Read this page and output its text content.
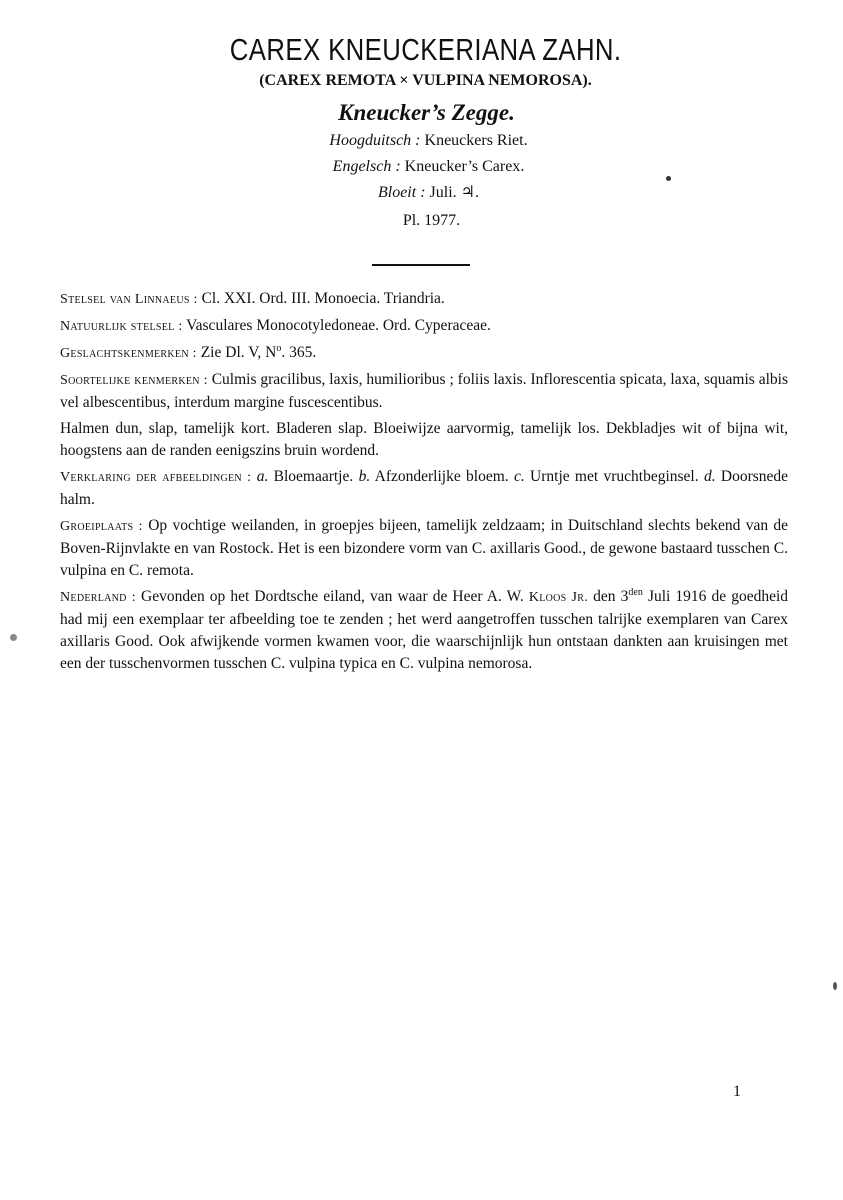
CAREX KNEUCKERIANA ZAHN.

(CAREX REMOTA × VULPINA NEMOROSA).

Kneucker’s Zegge.

Hoogduitsch : Kneuckers Riet.

Engelsch : Kneucker’s Carex.

Bloeit : Juli. ♃.

Pl. 1977.

Stelsel van Linnaeus : Cl. XXI. Ord. III. Monoecia. Triandria.

Natuurlijk stelsel : Vasculares Monocotyledoneae. Ord. Cyperaceae.

Geslachtskenmerken : Zie Dl. V, $N^o$. 365.

Soortelijke kenmerken : Culmis gracilibus, laxis, humilioribus ; foliis laxis. Inflorescentia spicata, laxa, squamis albis vel albescentibus, interdum margine fuscescentibus.

Halmen dun, slap, tamelijk kort. Bladeren slap. Bloeiwijze aarvormig, tamelijk los. Dekbladjes wit of bijna wit, hoogstens aan de randen eenigszins bruin wordend.

Verklaring der afbeeldingen : a. Bloemaartje. b. Afzonderlijke bloem. c. Urntje met vruchtbeginsel. d. Doorsnede halm.

Groeiplaats : Op vochtige weilanden, in groepjes bijeen, tamelijk zeldzaam; in Duitschland slechts bekend van de Boven-Rijnvlakte en van Rostock. Het is een bizondere vorm van C. axillaris Good., de gewone bastaard tusschen C. vulpina en C. remota.

Nederland : Gevonden op het Dordtsche eiland, van waar de Heer A. W. Kloos Jr. den $3^{den}$ Juli 1916 de goedheid had mij een exemplaar ter afbeelding toe te zenden ; het werd aangetroffen tusschen talrijke exemplaren van Carex axillaris Good. Ook afwijkende vormen kwamen voor, die waarschijnlijk hun ontstaan dankten aan kruisingen met een der tusschenvormen tusschen C. vulpina typica en C. vulpina nemorosa.

1
